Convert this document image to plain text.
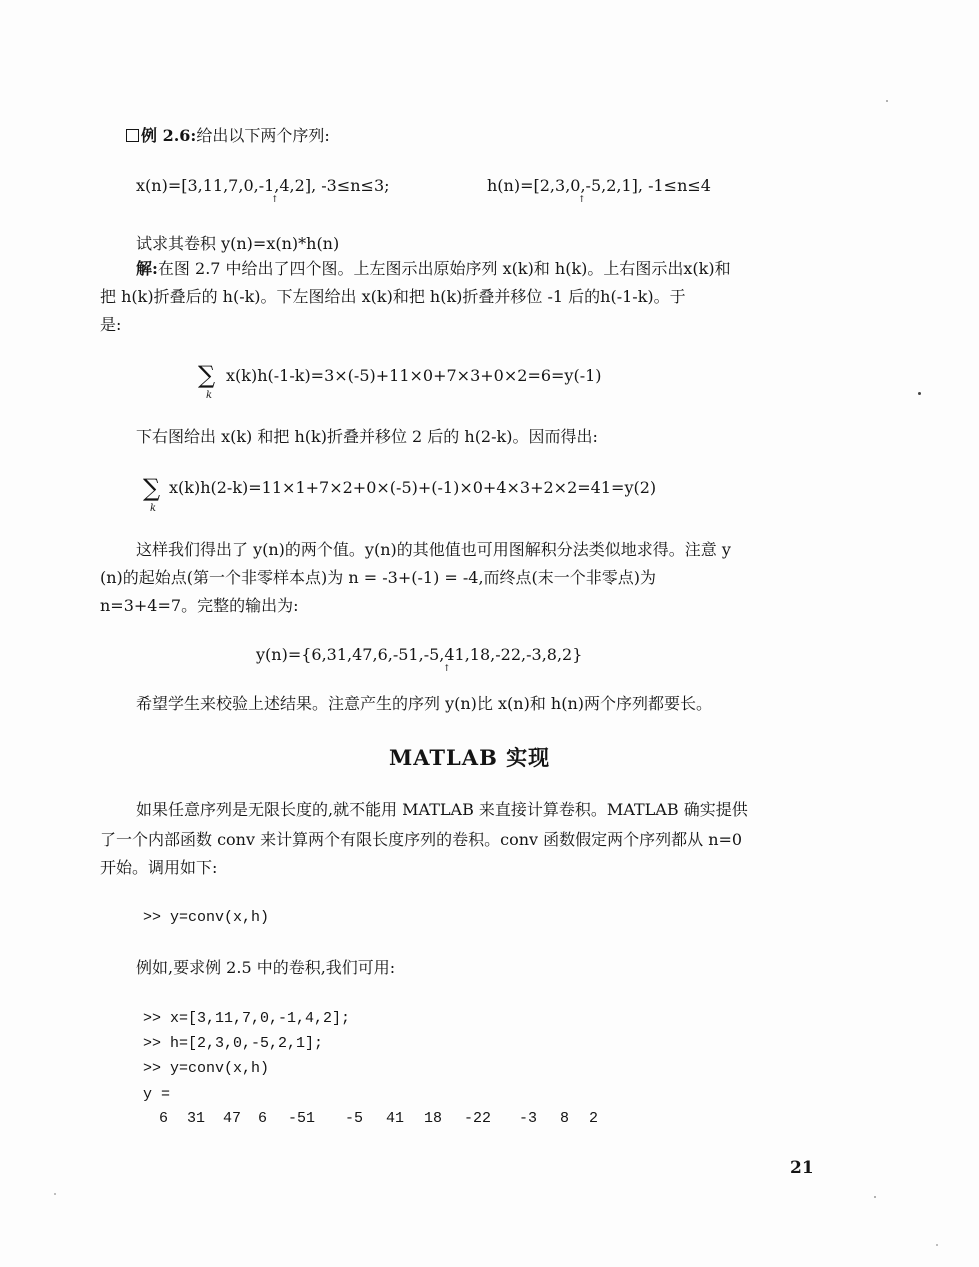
例 2.6:给出以下两个序列:
x(n)=[3,11,7,0,-1,4,2], -3≤n≤3;
↑
h(n)=[2,3,0,-5,2,1], -1≤n≤4
↑
试求其卷积 y(n)=x(n)*h(n)
解:在图 2.7 中给出了四个图。上左图示出原始序列 x(k)和 h(k)。上右图示出x(k)和
把 h(k)折叠后的 h(-k)。下左图给出 x(k)和把 h(k)折叠并移位 -1 后的h(-1-k)。于
是:
∑
k
x(k)h(-1-k)=3×(-5)+11×0+7×3+0×2=6=y(-1)
下右图给出 x(k) 和把 h(k)折叠并移位 2 后的 h(2-k)。因而得出:
∑
k
x(k)h(2-k)=11×1+7×2+0×(-5)+(-1)×0+4×3+2×2=41=y(2)
这样我们得出了 y(n)的两个值。y(n)的其他值也可用图解积分法类似地求得。注意 y
(n)的起始点(第一个非零样本点)为 n = -3+(-1) = -4,而终点(末一个非零点)为
n=3+4=7。完整的输出为:
y(n)={6,31,47,6,-51,-5,41,18,-22,-3,8,2}
↑
希望学生来校验上述结果。注意产生的序列 y(n)比 x(n)和 h(n)两个序列都要长。
MATLAB 实现
如果任意序列是无限长度的,就不能用 MATLAB 来直接计算卷积。MATLAB 确实提供
了一个内部函数 conv 来计算两个有限长度序列的卷积。conv 函数假定两个序列都从 n=0
开始。调用如下:
>> y=conv(x,h)
例如,要求例 2.5 中的卷积,我们可用:
>> x=[3,11,7,0,-1,4,2];
>> h=[2,3,0,-5,2,1];
>> y=conv(x,h)
y =
6 31 47 6 -51 -5 41 18 -22 -3 8 2
21
